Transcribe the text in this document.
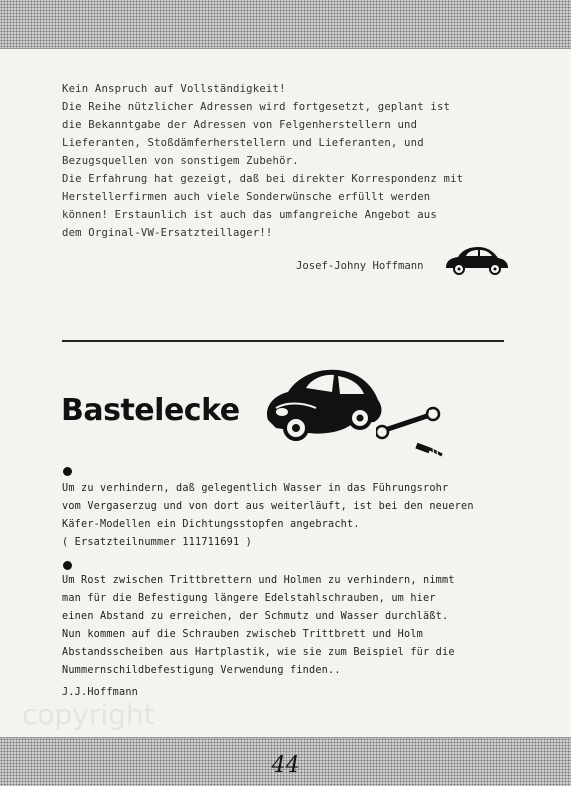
Kein Anspruch auf Vollständigkeit!
Die Reihe nützlicher Adressen wird fortgesetzt, geplant ist
die Bekanntgabe der Adressen von Felgenherstellern und
Lieferanten, Stoßdämferherstellern und Lieferanten, und
Bezugsquellen von sonstigem Zubehör.
Die Erfahrung hat gezeigt, daß bei direkter Korrespondenz mit
Herstellerfirmen auch viele Sonderwünsche erfüllt werden
können! Erstaunlich ist auch das umfangreiche Angebot aus
dem Orginal-VW-Ersatzteillager!!
Josef-Johny Hoffmann
Bastelecke
Um zu verhindern, daß gelegentlich Wasser in das Führungsrohr
vom Vergaserzug und von dort aus weiterläuft, ist bei den neueren
Käfer-Modellen ein Dichtungsstopfen angebracht.
( Ersatzteilnummer 111711691 )
Um Rost zwischen Trittbrettern und Holmen zu verhindern, nimmt
man für die Befestigung längere Edelstahlschrauben, um hier
einen Abstand zu erreichen, der Schmutz und Wasser durchläßt.
Nun kommen auf die Schrauben zwischeb Trittbrett und Holm
Abstandsscheiben aus Hartplastik, wie sie zum Beispiel für die
Nummernschildbefestigung Verwendung finden..
J.J.Hoffmann
copyright
44
